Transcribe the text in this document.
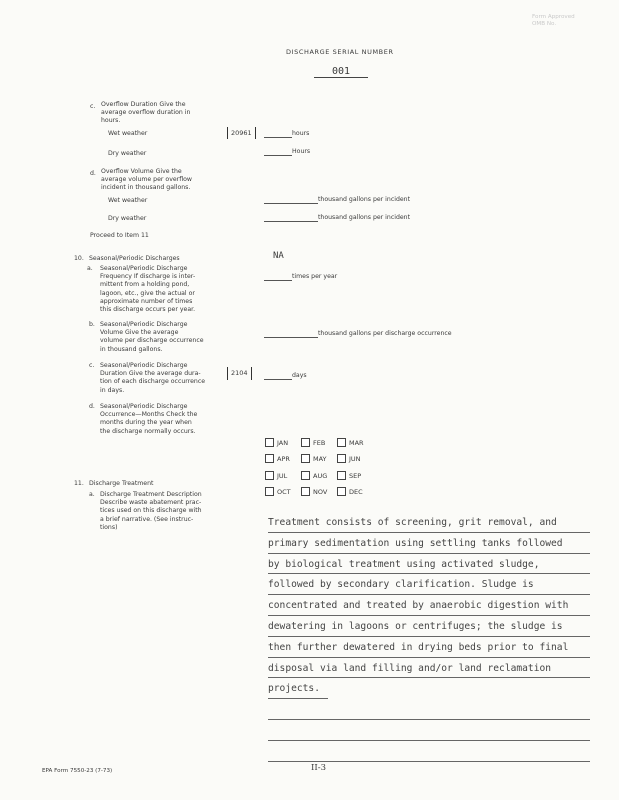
Form Approved
OMB No.
DISCHARGE SERIAL NUMBER
001
c. Overflow Duration Give the
average overflow duration in
hours.
Wet weather	20961	hours
Dry weather	Hours
d. Overflow Volume Give the
average volume per overflow
incident in thousand gallons.
Wet weather	thousand gallons per incident
Dry weather	thousand gallons per incident
Proceed to Item 11
10. Seasonal/Periodic Discharges	NA
a. Seasonal/Periodic Discharge
Frequency If discharge is inter-
mittent from a holding pond,
lagoon, etc., give the actual or
approximate number of times
this discharge occurs per year.
times per year
b. Seasonal/Periodic Discharge
Volume Give the average
volume per discharge occurrence
in thousand gallons.
thousand gallons per discharge occurrence
c. Seasonal/Periodic Discharge
Duration Give the average dura-
tion of each discharge occurrence
in days.
2104	days
d. Seasonal/Periodic Discharge
Occurrence—Months Check the
months during the year when
the discharge normally occurs.
JAN	FEB	MAR
APR	MAY	JUN
JUL	AUG	SEP
OCT	NOV	DEC
11. Discharge Treatment
a. Discharge Treatment Description
Describe waste abatement prac-
tices used on this discharge with
a brief narrative. (See instruc-
tions)	Treatment consists of screening, grit removal, and
primary sedimentation using settling tanks followed
by biological treatment using activated sludge,
followed by secondary clarification. Sludge is
concentrated and treated by anaerobic digestion with
dewatering in lagoons or centrifuges; the sludge is
then further dewatered in drying beds prior to final
disposal via land filling and/or land reclamation
projects.
EPA Form 7550-23 (7-73)	II-3
